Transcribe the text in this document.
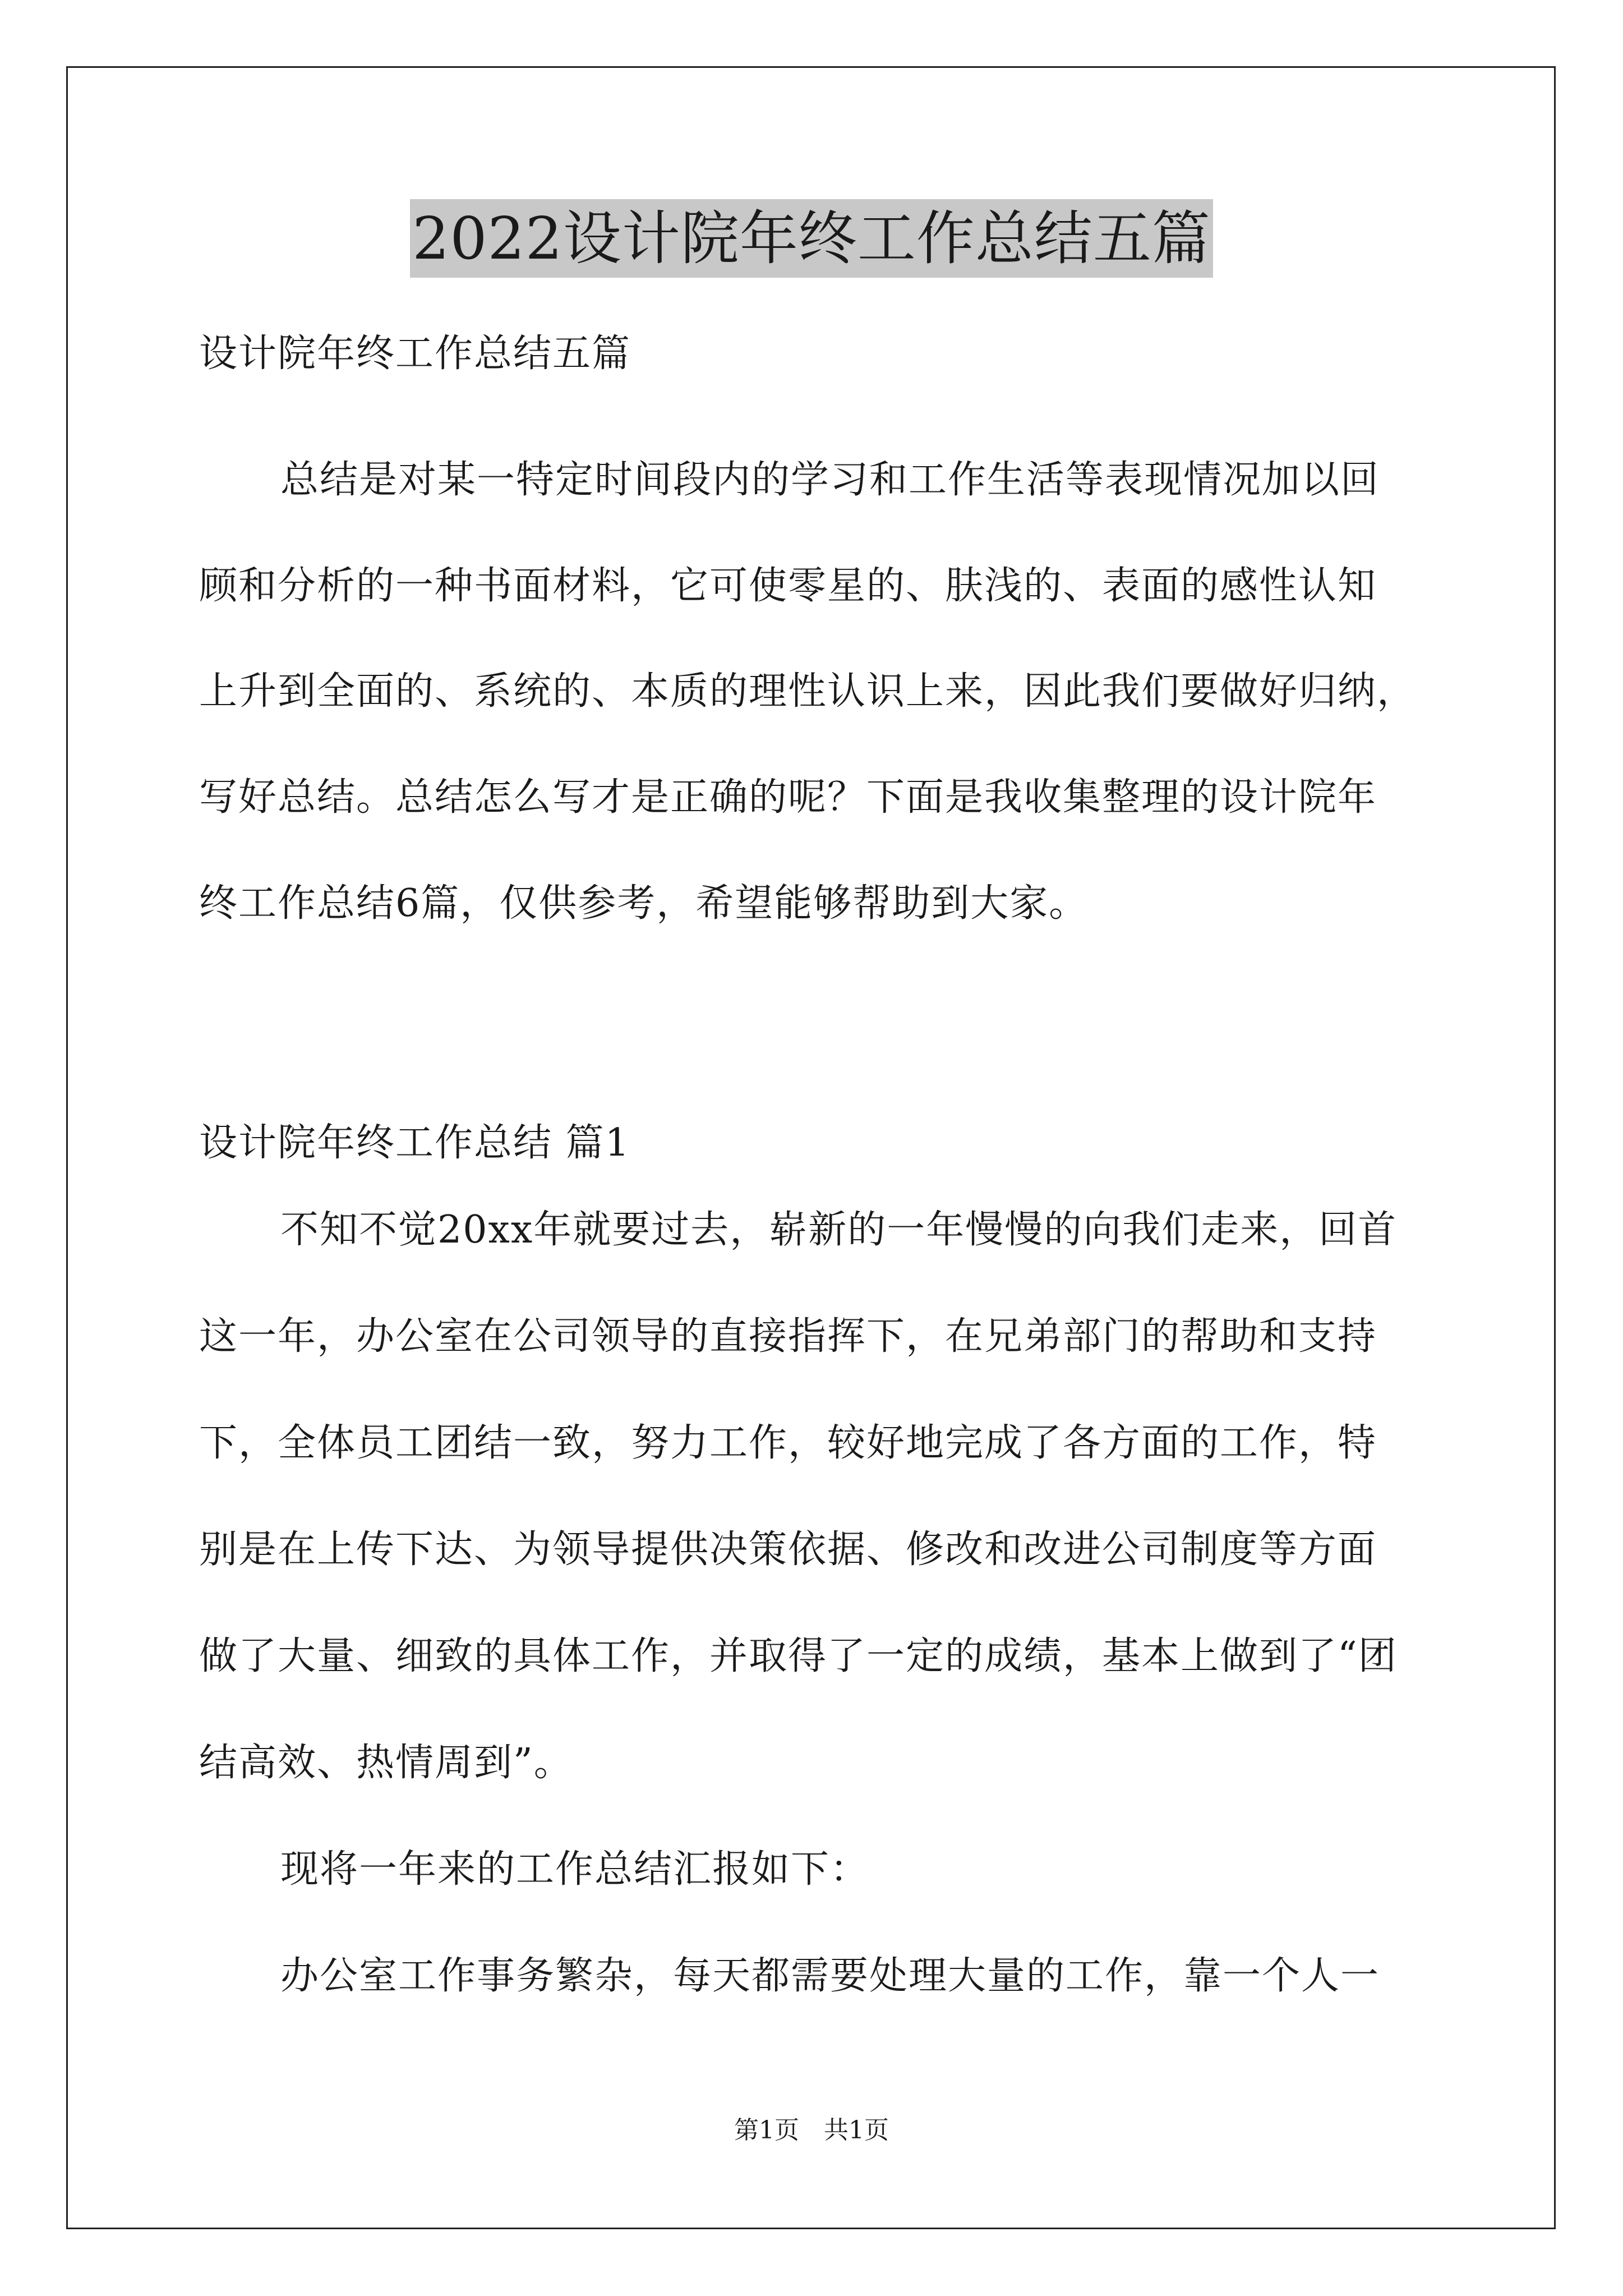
2022设计院年终工作总结五篇
设计院年终工作总结五篇
总结是对某一特定时间段内的学习和工作生活等表现情况加以回
顾和分析的一种书面材料，它可使零星的、肤浅的、表面的感性认知
上升到全面的、系统的、本质的理性认识上来，因此我们要做好归纳，
写好总结。总结怎么写才是正确的呢？下面是我收集整理的设计院年
终工作总结6篇，仅供参考，希望能够帮助到大家。
设计院年终工作总结 篇1
不知不觉20xx年就要过去，崭新的一年慢慢的向我们走来，回首
这一年，办公室在公司领导的直接指挥下，在兄弟部门的帮助和支持
下，全体员工团结一致，努力工作，较好地完成了各方面的工作，特
别是在上传下达、为领导提供决策依据、修改和改进公司制度等方面
做了大量、细致的具体工作，并取得了一定的成绩，基本上做到了“团
结高效、热情周到”。
现将一年来的工作总结汇报如下：
办公室工作事务繁杂，每天都需要处理大量的工作，靠一个人一
第1页　共1页
